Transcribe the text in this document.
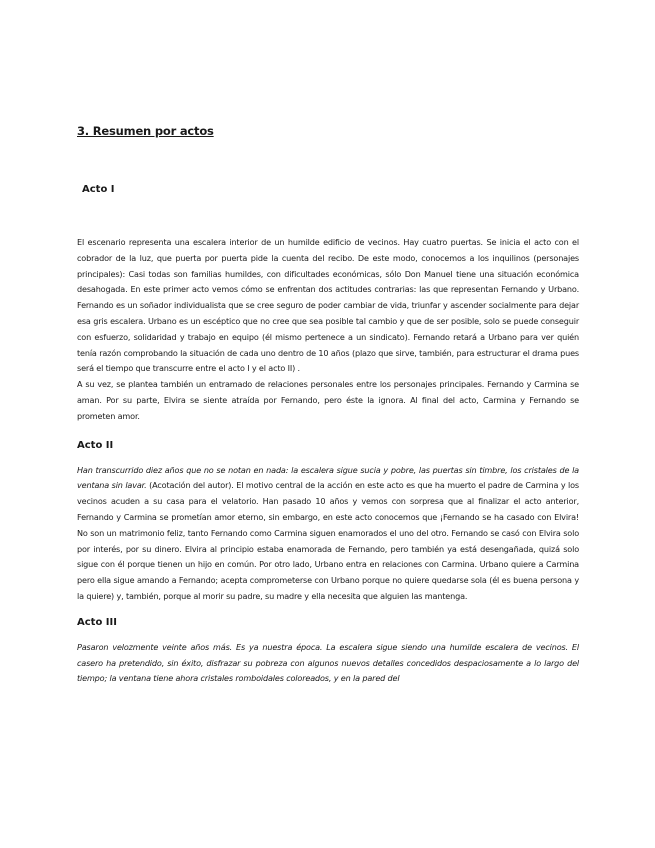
3. Resumen por actos
Acto I

El escenario representa una escalera interior de un humilde edificio de vecinos. Hay cuatro puertas. Se inicia el acto con el cobrador de la luz, que puerta por puerta pide la cuenta del recibo. De este modo, conocemos a los inquilinos (personajes principales): Casi todas son familias humildes, con dificultades económicas, sólo Don Manuel tiene una situación económica desahogada. En este primer acto vemos cómo se enfrentan dos actitudes contrarias: las que representan Fernando y Urbano. Fernando es un soñador individualista que se cree seguro de poder cambiar de vida, triunfar y ascender socialmente para dejar esa gris escalera. Urbano es un escéptico que no cree que sea posible tal cambio y que de ser posible, solo se puede conseguir con esfuerzo, solidaridad y trabajo en equipo (él mismo pertenece a un sindicato). Fernando retará a Urbano para ver quién tenía razón comprobando la situación de cada uno dentro de 10 años (plazo que sirve, también, para estructurar el drama pues será el tiempo que transcurre entre el acto I y el acto II) .

A su vez, se plantea también un entramado de relaciones personales entre los personajes principales. Fernando y Carmina se aman. Por su parte, Elvira se siente atraída por Fernando, pero éste la ignora. Al final del acto, Carmina y Fernando se prometen amor.

Acto II

Han transcurrido diez años que no se notan en nada: la escalera sigue sucia y pobre, las puertas sin timbre, los cristales de la ventana sin lavar. (Acotación del autor). El motivo central de la acción en este acto es que ha muerto el padre de Carmina y los vecinos acuden a su casa para el velatorio. Han pasado 10 años y vemos con sorpresa que al finalizar el acto anterior, Fernando y Carmina se prometían amor eterno, sin embargo, en este acto conocemos que ¡Fernando se ha casado con Elvira! No son un matrimonio feliz, tanto Fernando como Carmina siguen enamorados el uno del otro. Fernando se casó con Elvira solo por interés, por su dinero. Elvira al principio estaba enamorada de Fernando, pero también ya está desengañada, quizá solo sigue con él porque tienen un hijo en común. Por otro lado, Urbano entra en relaciones con Carmina. Urbano quiere a Carmina pero ella sigue amando a Fernando; acepta comprometerse con Urbano porque no quiere quedarse sola (él es buena persona y la quiere) y, también, porque al morir su padre, su madre y ella necesita que alguien las mantenga.

Acto III

Pasaron velozmente veinte años más. Es ya nuestra época. La escalera sigue siendo una humilde escalera de vecinos. El casero ha pretendido, sin éxito, disfrazar su pobreza con algunos nuevos detalles concedidos despaciosamente a lo largo del tiempo; la ventana tiene ahora cristales romboidales coloreados, y en la pared del
